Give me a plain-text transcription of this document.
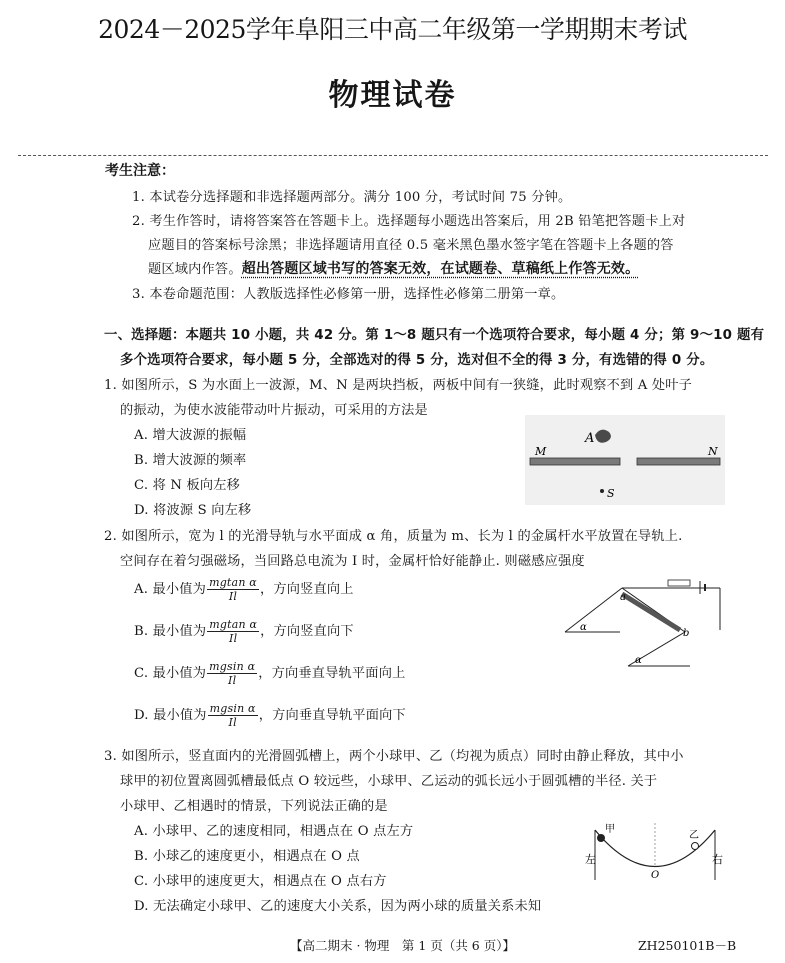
2024－2025学年阜阳三中高二年级第一学期期末考试
物理试卷
考生注意：
1. 本试卷分选择题和非选择题两部分。满分 100 分，考试时间 75 分钟。
2. 考生作答时，请将答案答在答题卡上。选择题每小题选出答案后，用 2B 铅笔把答题卡上对
应题目的答案标号涂黑；非选择题请用直径 0.5 毫米黑色墨水签字笔在答题卡上各题的答
题区域内作答。超出答题区域书写的答案无效，在试题卷、草稿纸上作答无效。
3. 本卷命题范围：人教版选择性必修第一册，选择性必修第二册第一章。
一、选择题：本题共 10 小题，共 42 分。第 1～8 题只有一个选项符合要求，每小题 4 分；第 9～10 题有
多个选项符合要求，每小题 5 分，全部选对的得 5 分，选对但不全的得 3 分，有选错的得 0 分。
1. 如图所示，S 为水面上一波源，M、N 是两块挡板，两板中间有一狭缝，此时观察不到 A 处叶子
的振动，为使水波能带动叶片振动，可采用的方法是
A. 增大波源的振幅
B. 增大波源的频率
C. 将 N 板向左移
D. 将波源 S 向左移
A
M	N
S
2. 如图所示，宽为 l 的光滑导轨与水平面成 α 角，质量为 m、长为 l 的金属杆水平放置在导轨上.
空间存在着匀强磁场，当回路总电流为 I 时，金属杆恰好能静止. 则磁感应强度
A. 最小值为 $\frac{\text{mgtan α}}{Il}$ ，方向竖直向上
B. 最小值为 $\frac{\text{mgtan α}}{Il}$ ，方向竖直向下
C. 最小值为 $\frac{\text{mgsin α}}{Il}$ ，方向垂直导轨平面向上
D. 最小值为 $\frac{\text{mgsin α}}{Il}$ ，方向垂直导轨平面向下
a
b
α
α
3. 如图所示，竖直面内的光滑圆弧槽上，两个小球甲、乙（均视为质点）同时由静止释放，其中小
球甲的初位置离圆弧槽最低点 O 较远些，小球甲、乙运动的弧长远小于圆弧槽的半径. 关于
小球甲、乙相遇时的情景，下列说法正确的是
A. 小球甲、乙的速度相同，相遇点在 O 点左方
B. 小球乙的速度更小，相遇点在 O 点
C. 小球甲的速度更大，相遇点在 O 点右方
D. 无法确定小球甲、乙的速度大小关系，因为两小球的质量关系未知
甲
乙
左	右
O
【高二期末 · 物理　第 1 页（共 6 页）】	ZH250101B－B
